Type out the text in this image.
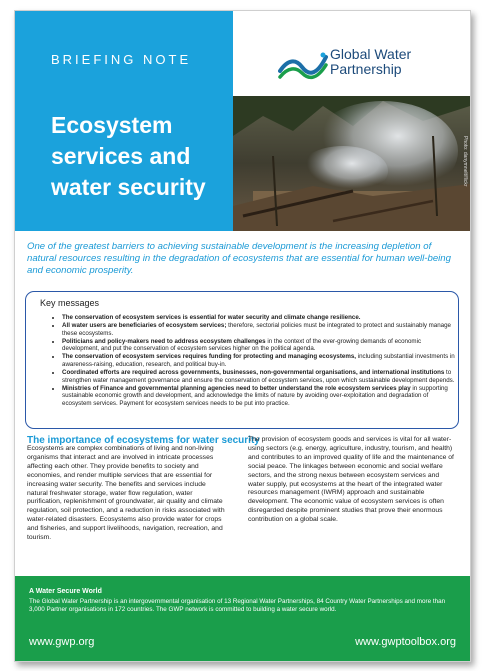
BRIEFING NOTE	Global Water
Partnership
Ecosystem
services and
water security
Photo: danymnelt/flickr

One of the greatest barriers to achieving sustainable development is the increasing depletion of natural resources resulting in the degradation of ecosystems that are essential for human well-being and economic prosperity.

Key messages
• The conservation of ecosystem services is essential for water security and climate change resilience.
• All water users are beneficiaries of ecosystem services; therefore, sectorial policies must be integrated to protect and sustainably manage these ecosystems.
• Politicians and policy-makers need to address ecosystem challenges in the context of the ever-growing demands of economic development, and put the conservation of ecosystem services higher on the political agenda.
• The conservation of ecosystem services requires funding for protecting and managing ecosystems, including substantial investments in awareness-raising, education, research, and political buy-in.
• Coordinated efforts are required across governments, businesses, non-governmental organisations, and international institutions to strengthen water management governance and ensure the conservation of ecosystem services, upon which sustainable development depends.
• Ministries of Finance and governmental planning agencies need to better understand the role ecosystem services play in supporting sustainable economic growth and development, and acknowledge the limits of nature by avoiding over-exploitation and degradation of ecosystem services. Payment for ecosystem services needs to be put into practice.
The importance of ecosystems for water security

Ecosystems are complex combinations of living and non-living organisms that interact and are involved in intricate processes affecting each other. They provide benefits to society and economies, and render multiple services that are essential for increasing water security. The benefits and services include natural freshwater storage, water flow regulation, water purification, replenishment of groundwater, air quality and climate regulation, soil protection, and a reduction in risks associated with water-related disasters. Ecosystems also provide water for crops and fisheries, and support livelihoods, navigation, recreation, and tourism.

The provision of ecosystem goods and services is vital for all water-using sectors (e.g. energy, agriculture, industry, tourism, and health) and contributes to an improved quality of life and the maintenance of social peace. The linkages between economic and social welfare sectors, and the strong nexus between ecosystem services and water supply, put ecosystems at the heart of the integrated water resources management (IWRM) approach and sustainable development. The economic value of ecosystem services is often disregarded despite prominent studies that prove their enormous contribution on a global scale.

A Water Secure World
The Global Water Partnership is an intergovernmental organisation of 13 Regional Water Partnerships, 84 Country Water Partnerships and more than 3,000 Partner organisations in 172 countries. The GWP network is committed to building a water secure world.
www.gwp.org	www.gwptoolbox.org
